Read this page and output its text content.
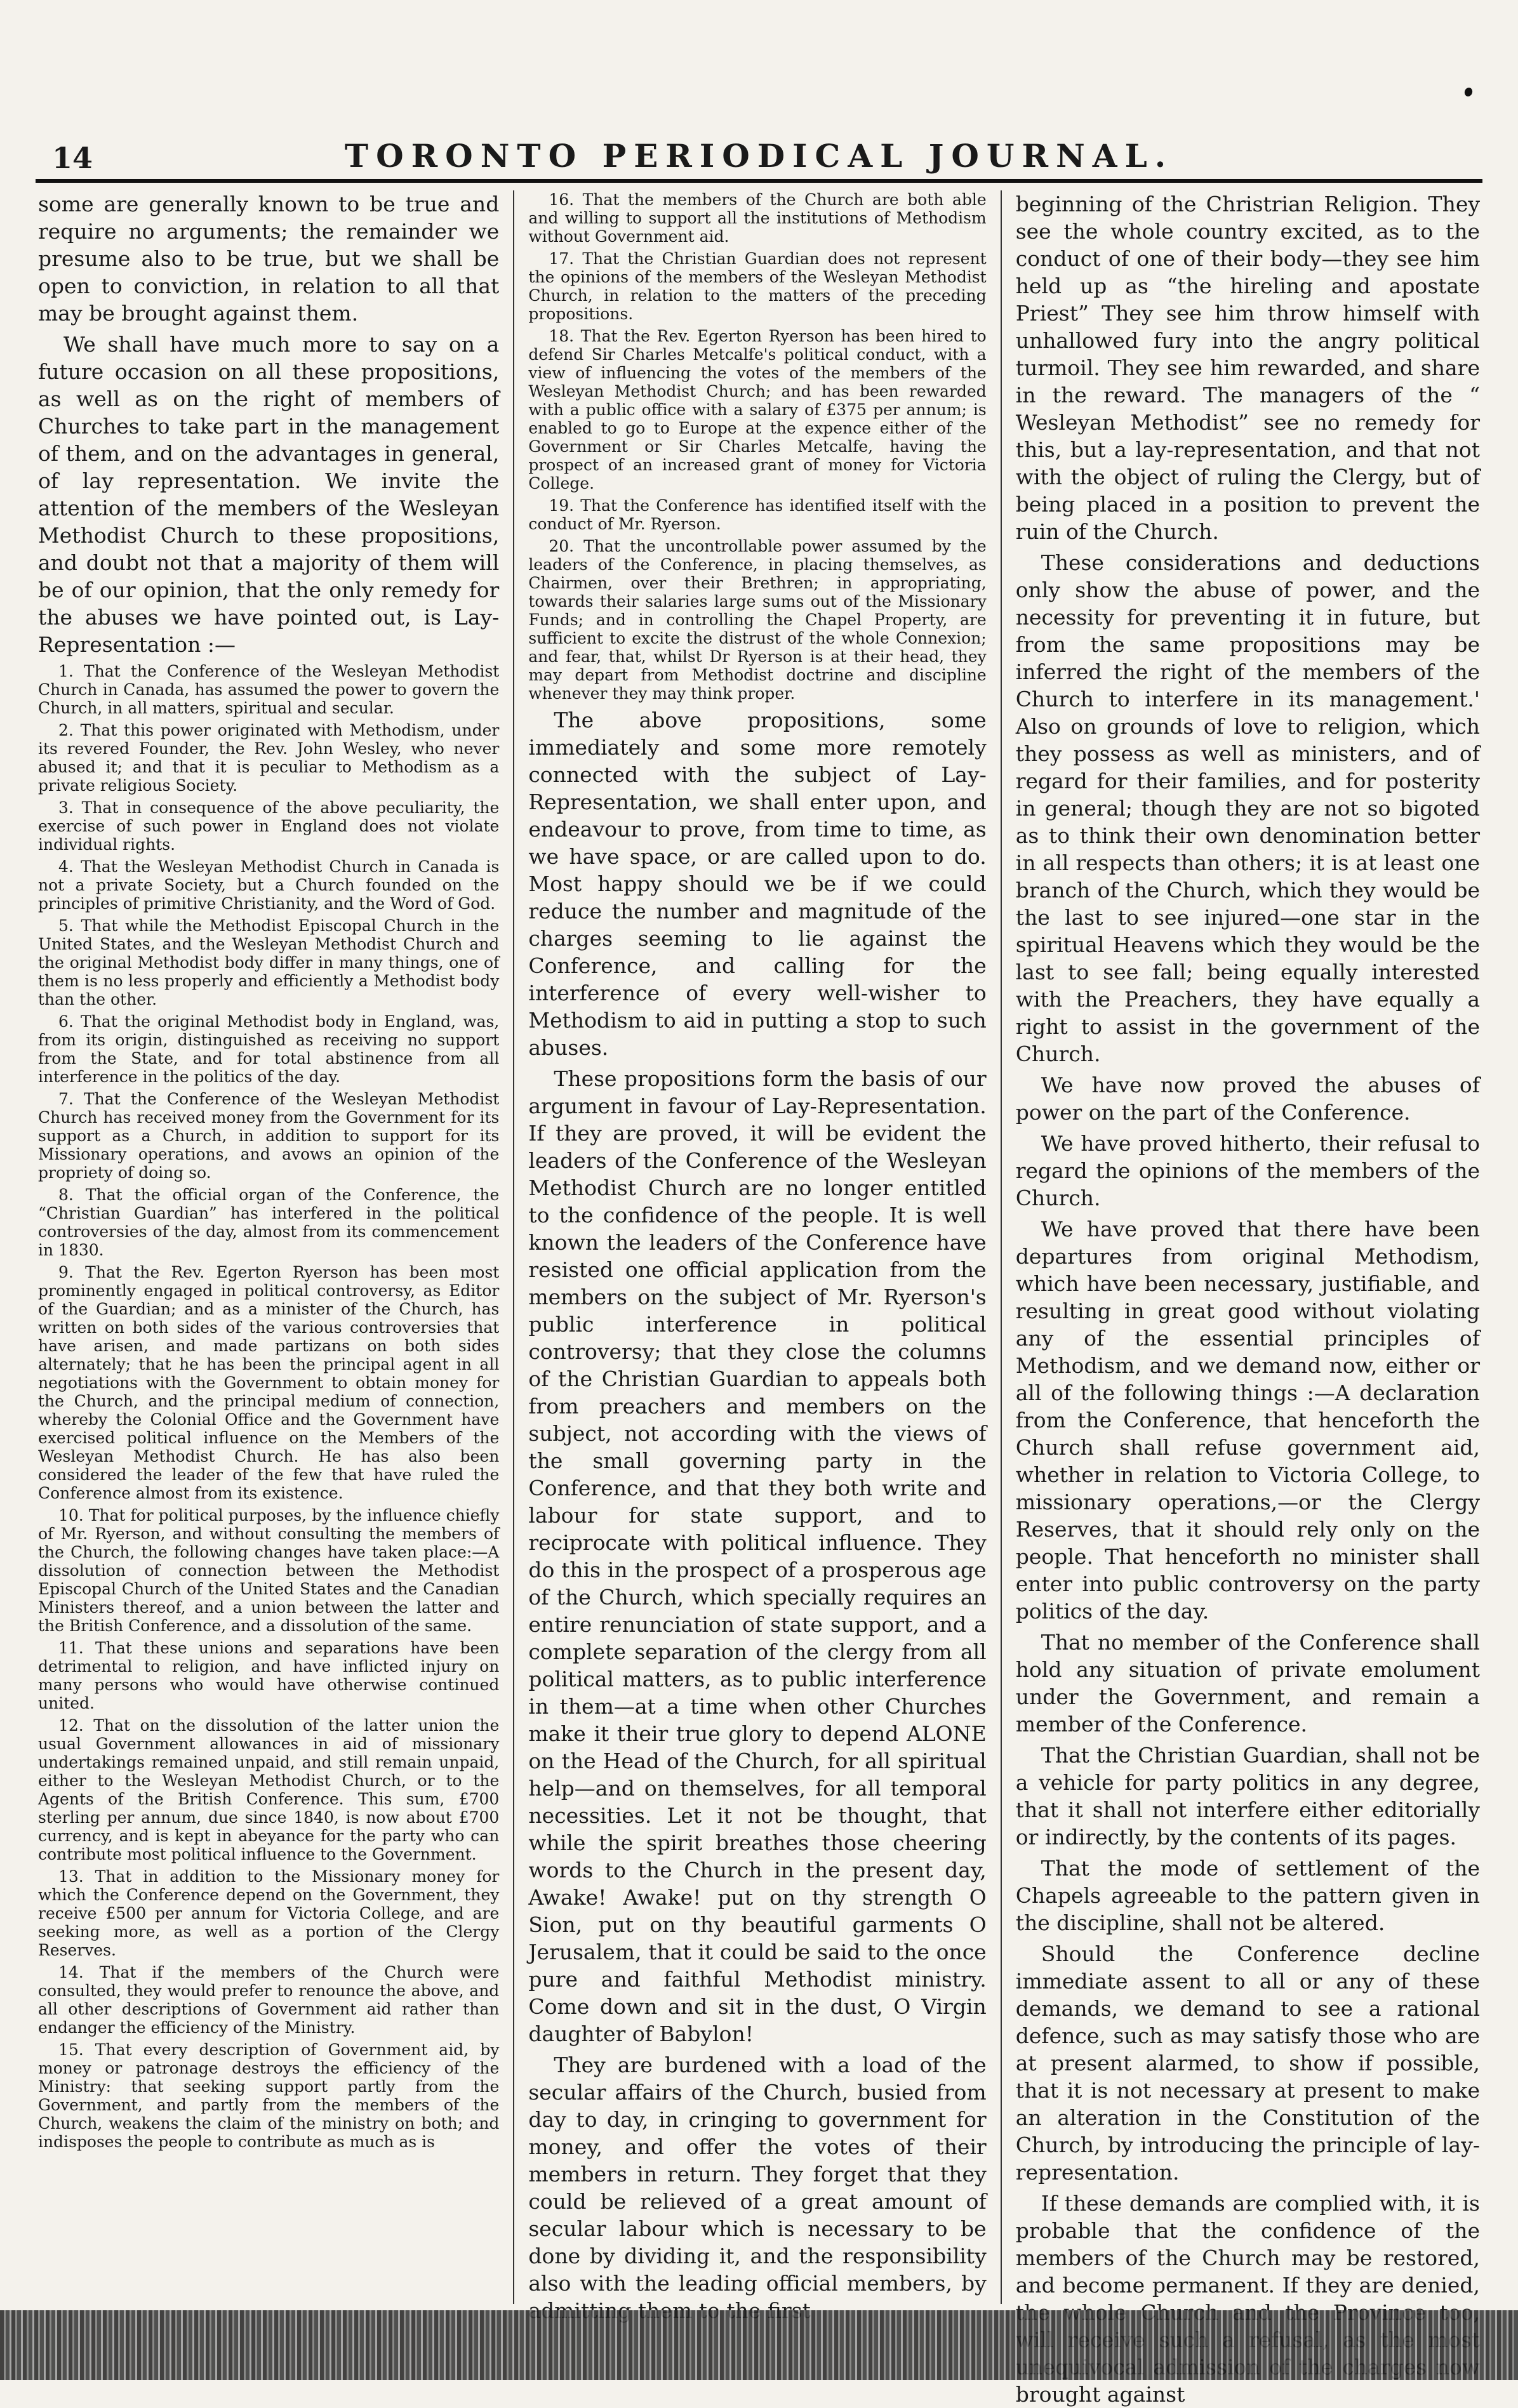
14	TORONTO PERIODICAL JOURNAL.

some are generally known to be true and require no arguments; the remainder we presume also to be true, but we shall be open to conviction, in relation to all that may be brought against them.

We shall have much more to say on a future occasion on all these propositions, as well as on the right of members of Churches to take part in the management of them, and on the advantages in general, of lay representation. We invite the attention of the members of the Wesleyan Methodist Church to these propositions, and doubt not that a majority of them will be of our opinion, that the only remedy for the abuses we have pointed out, is Lay-Representation :—

1. That the Conference of the Wesleyan Methodist Church in Canada, has assumed the power to govern the Church, in all matters, spiritual and secular.

2. That this power originated with Methodism, under its revered Founder, the Rev. John Wesley, who never abused it; and that it is peculiar to Methodism as a private religious Society.

3. That in consequence of the above peculiarity, the exercise of such power in England does not violate individual rights.

4. That the Wesleyan Methodist Church in Canada is not a private Society, but a Church founded on the principles of primitive Christianity, and the Word of God.

5. That while the Methodist Episcopal Church in the United States, and the Wesleyan Methodist Church and the original Methodist body differ in many things, one of them is no less properly and efficiently a Methodist body than the other.

6. That the original Methodist body in England, was, from its origin, distinguished as receiving no support from the State, and for total abstinence from all interference in the politics of the day.

7. That the Conference of the Wesleyan Methodist Church has received money from the Government for its support as a Church, in addition to support for its Missionary operations, and avows an opinion of the propriety of doing so.

8. That the official organ of the Conference, the “Christian Guardian” has interfered in the political controversies of the day, almost from its commencement in 1830.

9. That the Rev. Egerton Ryerson has been most prominently engaged in political controversy, as Editor of the Guardian; and as a minister of the Church, has written on both sides of the various controversies that have arisen, and made partizans on both sides alternately; that he has been the principal agent in all negotiations with the Government to obtain money for the Church, and the principal medium of connection, whereby the Colonial Office and the Government have exercised political influence on the Members of the Wesleyan Methodist Church. He has also been considered the leader of the few that have ruled the Conference almost from its existence.

10. That for political purposes, by the influence chiefly of Mr. Ryerson, and without consulting the members of the Church, the following changes have taken place:—A dissolution of connection between the Methodist Episcopal Church of the United States and the Canadian Ministers thereof, and a union between the latter and the British Conference, and a dissolution of the same.

11. That these unions and separations have been detrimental to religion, and have inflicted injury on many persons who would have otherwise continued united.

12. That on the dissolution of the latter union the usual Government allowances in aid of missionary undertakings remained unpaid, and still remain unpaid, either to the Wesleyan Methodist Church, or to the Agents of the British Conference. This sum, £700 sterling per annum, due since 1840, is now about £700 currency, and is kept in abeyance for the party who can contribute most political influence to the Government.

13. That in addition to the Missionary money for which the Conference depend on the Government, they receive £500 per annum for Victoria College, and are seeking more, as well as a portion of the Clergy Reserves.

14. That if the members of the Church were consulted, they would prefer to renounce the above, and all other descriptions of Government aid rather than endanger the efficiency of the Ministry.

15. That every description of Government aid, by money or patronage destroys the efficiency of the Ministry: that seeking support partly from the Government, and partly from the members of the Church, weakens the claim of the ministry on both; and indisposes the people to contribute as much as is

16. That the members of the Church are both able and willing to support all the institutions of Methodism without Government aid.

17. That the Christian Guardian does not represent the opinions of the members of the Wesleyan Methodist Church, in relation to the matters of the preceding propositions.

18. That the Rev. Egerton Ryerson has been hired to defend Sir Charles Metcalfe's political conduct, with a view of influencing the votes of the members of the Wesleyan Methodist Church; and has been rewarded with a public office with a salary of £375 per annum; is enabled to go to Europe at the expence either of the Government or Sir Charles Metcalfe, having the prospect of an increased grant of money for Victoria College.

19. That the Conference has identified itself with the conduct of Mr. Ryerson.

20. That the uncontrollable power assumed by the leaders of the Conference, in placing themselves, as Chairmen, over their Brethren; in appropriating, towards their salaries large sums out of the Missionary Funds; and in controlling the Chapel Property, are sufficient to excite the distrust of the whole Connexion; and fear, that, whilst Dr Ryerson is at their head, they may depart from Methodist doctrine and discipline whenever they may think proper.

The above propositions, some immediately and some more remotely connected with the subject of Lay-Representation, we shall enter upon, and endeavour to prove, from time to time, as we have space, or are called upon to do. Most happy should we be if we could reduce the number and magnitude of the charges seeming to lie against the Conference, and calling for the interference of every well-wisher to Methodism to aid in putting a stop to such abuses.

These propositions form the basis of our argument in favour of Lay-Representation. If they are proved, it will be evident the leaders of the Conference of the Wesleyan Methodist Church are no longer entitled to the confidence of the people. It is well known the leaders of the Conference have resisted one official application from the members on the subject of Mr. Ryerson's public interference in political controversy; that they close the columns of the Christian Guardian to appeals both from preachers and members on the subject, not according with the views of the small governing party in the Conference, and that they both write and labour for state support, and to reciprocate with political influence. They do this in the prospect of a prosperous age of the Church, which specially requires an entire renunciation of state support, and a complete separation of the clergy from all political matters, as to public interference in them—at a time when other Churches make it their true glory to depend ALONE on the Head of the Church, for all spiritual help—and on themselves, for all temporal necessities. Let it not be thought, that while the spirit breathes those cheering words to the Church in the present day, Awake! Awake! put on thy strength O Sion, put on thy beautiful garments O Jerusalem, that it could be said to the once pure and faithful Methodist ministry. Come down and sit in the dust, O Virgin daughter of Babylon!

They are burdened with a load of the secular affairs of the Church, busied from day to day, in cringing to government for money, and offer the votes of their members in return. They forget that they could be relieved of a great amount of secular labour which is necessary to be done by dividing it, and the responsibility also with the leading official members, by

beginning of the Christrian Religion. They see the whole country excited, as to the conduct of one of their body—they see him held up as “the hireling and apostate Priest” They see him throw himself with unhallowed fury into the angry political turmoil. They see him rewarded, and share in the reward. The managers of the “ Wesleyan Methodist” see no remedy for this, but a lay-representation, and that not with the object of ruling the Clergy, but of being placed in a position to prevent the ruin of the Church.

These considerations and deductions only show the abuse of power, and the necessity for preventing it in future, but from the same propositions may be inferred the right of the members of the Church to interfere in its management.' Also on grounds of love to religion, which they possess as well as ministers, and of regard for their families, and for posterity in general; though they are not so bigoted as to think their own denomination better in all respects than others; it is at least one branch of the Church, which they would be the last to see injured—one star in the spiritual Heavens which they would be the last to see fall; being equally interested with the Preachers, they have equally a right to assist in the government of the Church.

We have now proved the abuses of power on the part of the Conference.

We have proved hitherto, their refusal to regard the opinions of the members of the Church.

We have proved that there have been departures from original Methodism, which have been necessary, justifiable, and resulting in great good without violating any of the essential principles of Methodism, and we demand now, either or all of the following things :—A declaration from the Conference, that henceforth the Church shall refuse government aid, whether in relation to Victoria College, to missionary operations,—or the Clergy Reserves, that it should rely only on the people. That henceforth no minister shall enter into public controversy on the party politics of the day.

That no member of the Conference shall hold any situation of private emolument under the Government, and remain a member of the Conference.

That the Christian Guardian, shall not be a vehicle for party politics in any degree, that it shall not interfere either editorially or indirectly, by the contents of its pages.

That the mode of settlement of the Chapels agreeable to the pattern given in the discipline, shall not be altered.

Should the Conference decline immediate assent to all or any of these demands, we demand to see a rational defence, such as may satisfy those who are at present alarmed, to show if possible, that it is not necessary at present to make an alteration in the Constitution of the Church, by introducing the principle of lay-representation.

If these demands are complied with, it is probable that the confidence of the members of the Church may be restored, and become permanent. If they are denied, brought against
